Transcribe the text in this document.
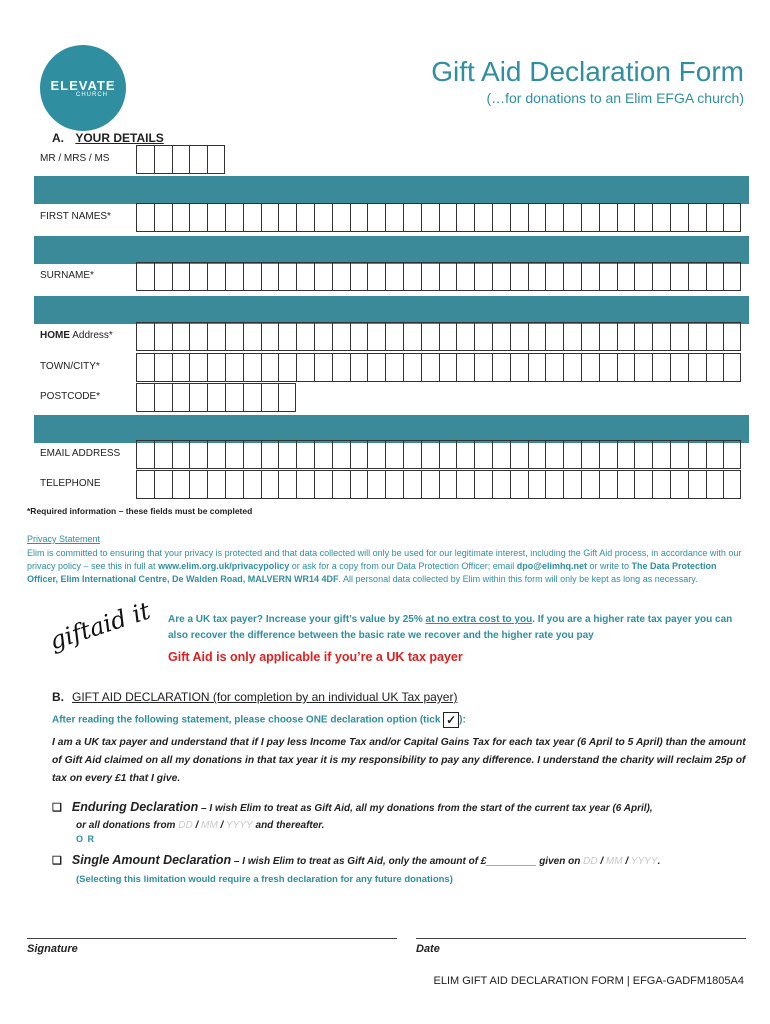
ELEVATE
CHURCH
Gift Aid Declaration Form
(…for donations to an Elim EFGA church)
A. YOUR DETAILS
MR / MRS / MS
FIRST NAMES*
SURNAME*
HOME Address*
TOWN/CITY*
POSTCODE*
EMAIL ADDRESS
TELEPHONE
*Required information – these fields must be completed
Privacy Statement
Elim is committed to ensuring that your privacy is protected and that data collected will only be used for our legitimate interest, including the Gift Aid process, in accordance with our privacy policy – see this in full at www.elim.org.uk/privacypolicy or ask for a copy from our Data Protection Officer; email dpo@elimhq.net or write to The Data Protection Officer, Elim International Centre, De Walden Road, MALVERN WR14 4DF. All personal data collected by Elim within this form will only be kept as long as necessary.
giftaid it Are a UK tax payer? Increase your gift’s value by 25% at no extra cost to you. If you are a higher rate tax payer you can also recover the difference between the basic rate we recover and the higher rate you pay
Gift Aid is only applicable if you’re a UK tax payer
B. GIFT AID DECLARATION (for completion by an individual UK Tax payer)
After reading the following statement, please choose ONE declaration option (tick ✓ ):
I am a UK tax payer and understand that if I pay less Income Tax and/or Capital Gains Tax for each tax year (6 April to 5 April) than the amount of Gift Aid claimed on all my donations in that tax year it is my responsibility to pay any difference. I understand the charity will reclaim 25p of tax on every £1 that I give.
❑ Enduring Declaration – I wish Elim to treat as Gift Aid, all my donations from the start of the current tax year (6 April),
or all donations from DD / MM / YYYY and thereafter.
O R
❑ Single Amount Declaration – I wish Elim to treat as Gift Aid, only the amount of £_________ given on DD / MM / YYYY.
(Selecting this limitation would require a fresh declaration for any future donations)
Signature	Date
ELIM GIFT AID DECLARATION FORM | EFGA-GADFM1805A4
